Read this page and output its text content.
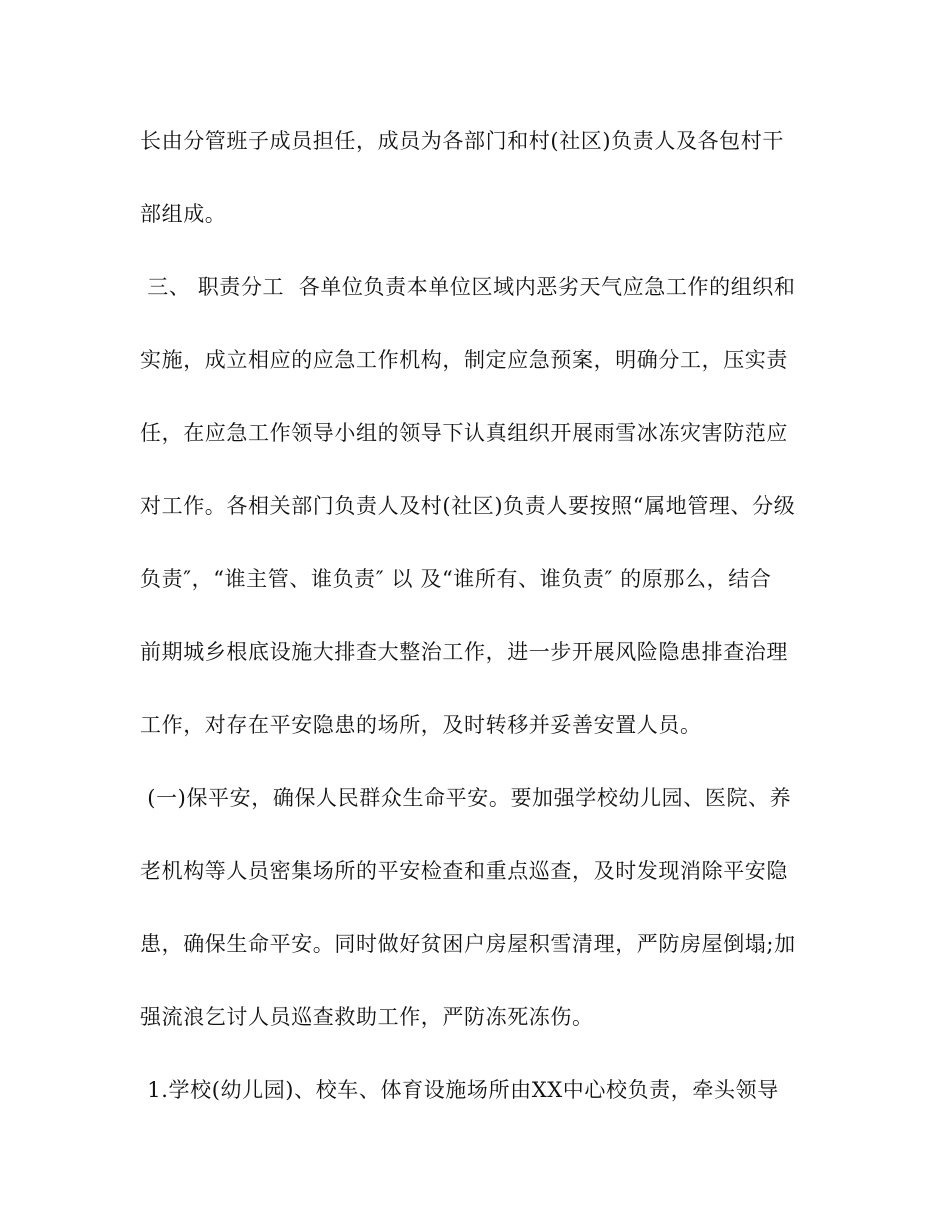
长由分管班子成员担任，成员为各部门和村(社区)负责人及各包村干

部组成。

三、 职责分工  各单位负责本单位区域内恶劣天气应急工作的组织和

实施，成立相应的应急工作机构，制定应急预案，明确分工，压实责

任，在应急工作领导小组的领导下认真组织开展雨雪冰冻灾害防范应

对工作。各相关部门负责人及村(社区)负责人要按照“属地管理、分级

负责″，“谁主管、谁负责″ 以 及“谁所有、谁负责″ 的原那么，结合

前期城乡根底设施大排查大整治工作，进一步开展风险隐患排查治理

工作，对存在平安隐患的场所，及时转移并妥善安置人员。

(一)保平安，确保人民群众生命平安。要加强学校幼儿园、医院、养

老机构等人员密集场所的平安检查和重点巡查，及时发现消除平安隐

患，确保生命平安。同时做好贫困户房屋积雪清理，严防房屋倒塌;加

强流浪乞讨人员巡查救助工作，严防冻死冻伤。

1.学校(幼儿园)、校车、体育设施场所由XX中心校负责，牵头领导
